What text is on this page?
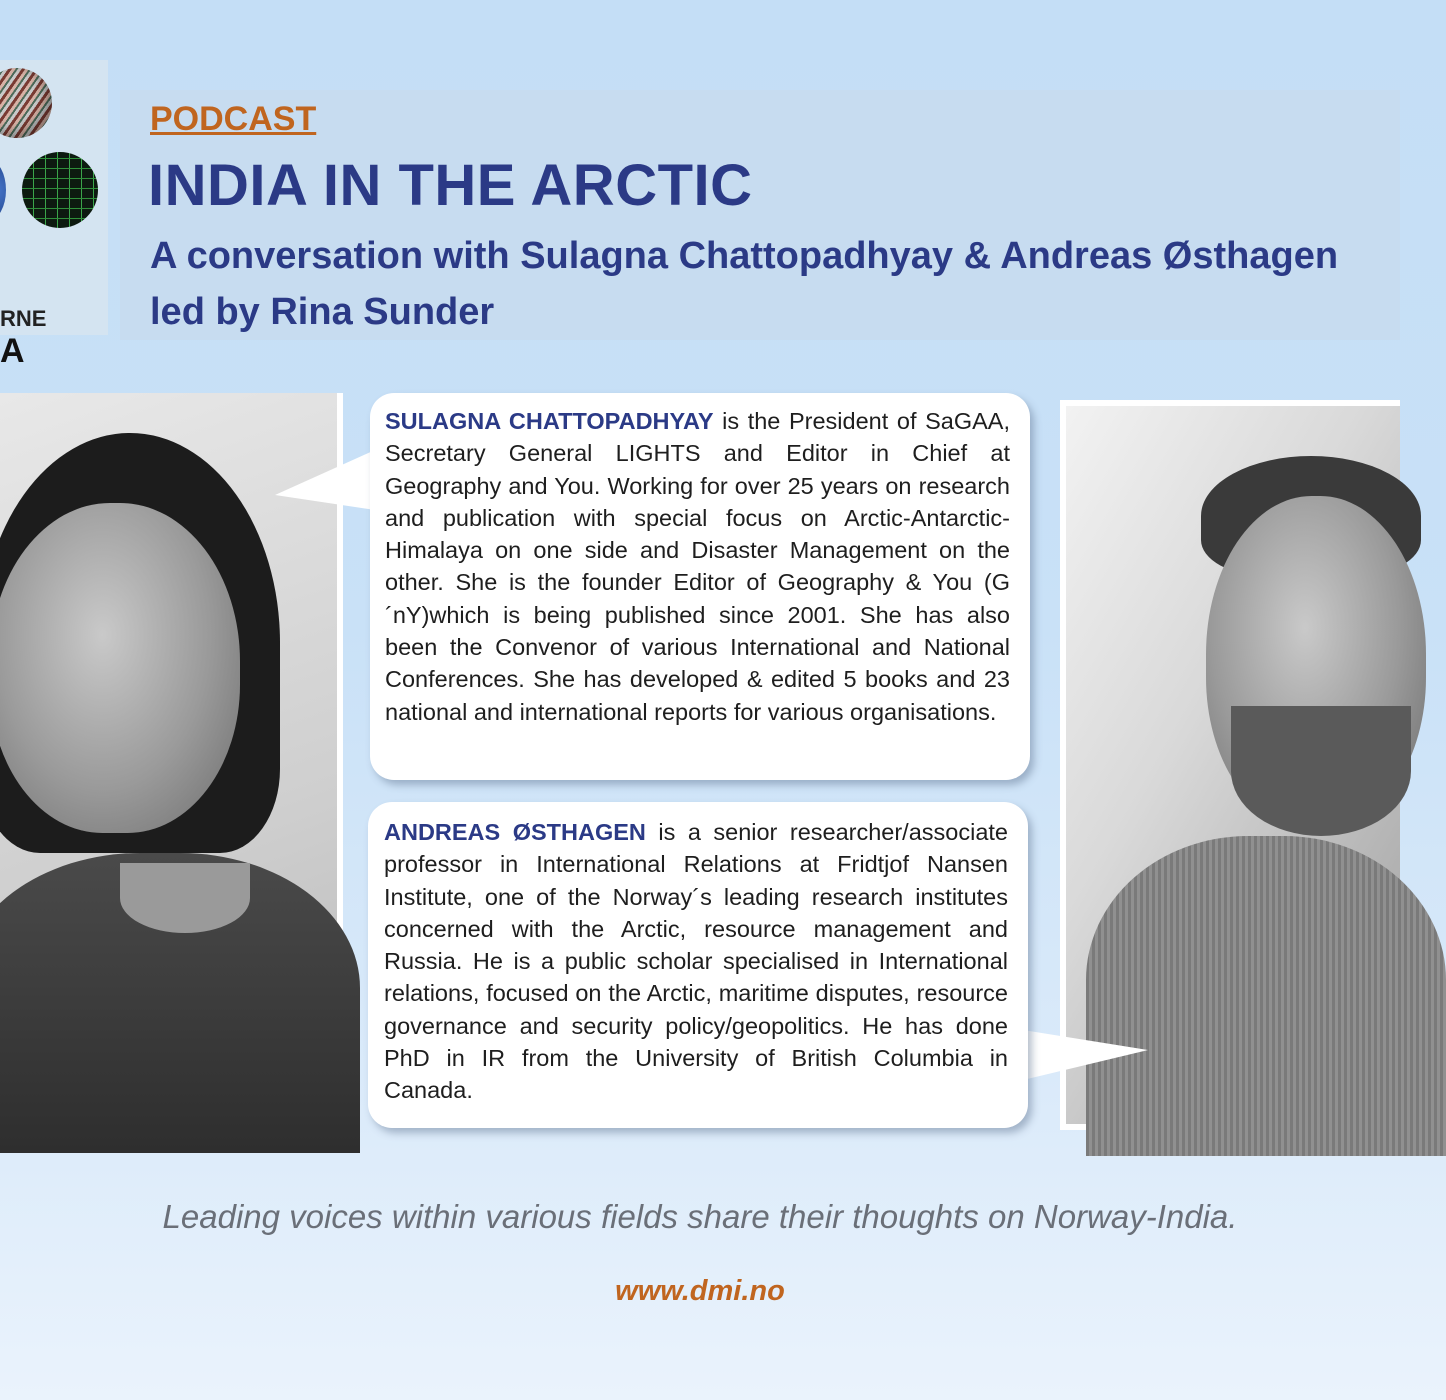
RNE
A
PODCAST
INDIA IN THE ARCTIC
A conversation with Sulagna Chattopadhyay & Andreas Østhagen
led by Rina Sunder
SULAGNA CHATTOPADHYAY is the President of SaGAA, Secretary General LIGHTS and Editor in Chief at Geography and You. Working for over 25 years on research and publication with special focus on Arctic-Antarctic-Himalaya on one side and Disaster Management on the other. She is the founder Editor of Geography & You (G´nY)which is being published since 2001. She has also been the Convenor of various International and National Conferences. She has developed & edited 5 books and 23 national and international reports for various organisations.
ANDREAS ØSTHAGEN is a senior researcher/associate professor in International Relations at Fridtjof Nansen Institute, one of the Norway´s leading research institutes concerned with the Arctic, resource management and Russia. He is a public scholar specialised in International relations, focused on the Arctic, maritime disputes, resource governance and security policy/geopolitics. He has done PhD in IR from the University of British Columbia in Canada.
Leading voices within various fields share their thoughts on Norway-India.
www.dmi.no
